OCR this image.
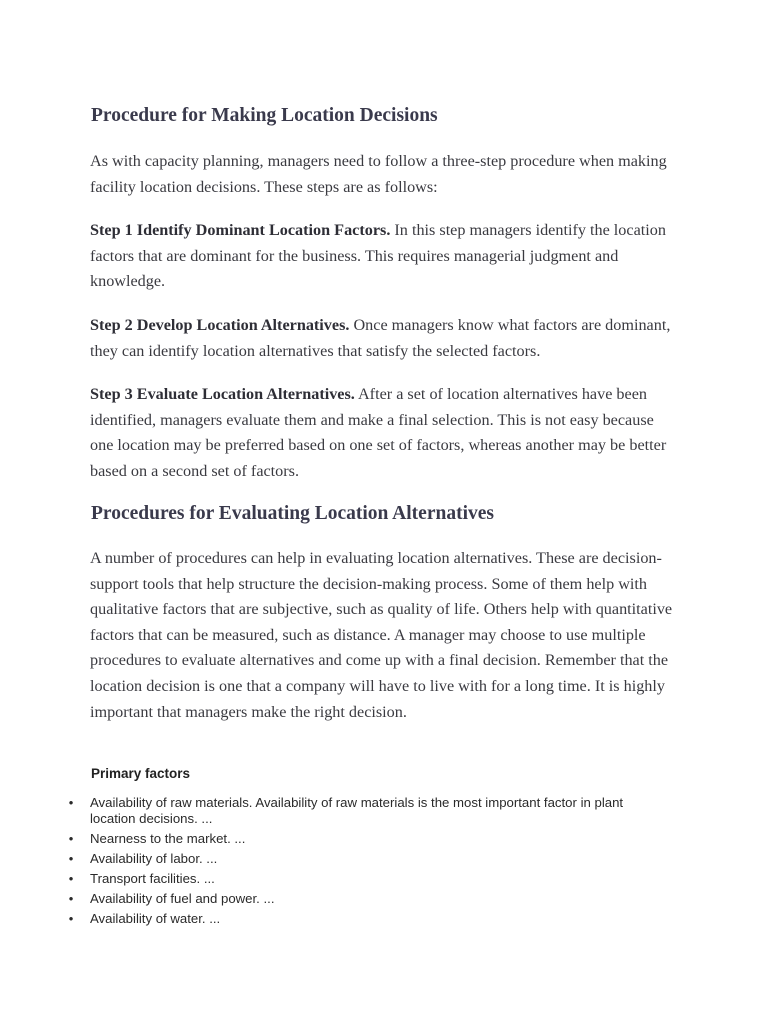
Procedure for Making Location Decisions

As with capacity planning, managers need to follow a three-step procedure when making facility location decisions. These steps are as follows:

Step 1 Identify Dominant Location Factors. In this step managers identify the location factors that are dominant for the business. This requires managerial judgment and knowledge.

Step 2 Develop Location Alternatives. Once managers know what factors are dominant, they can identify location alternatives that satisfy the selected factors.

Step 3 Evaluate Location Alternatives. After a set of location alternatives have been identified, managers evaluate them and make a final selection. This is not easy because one location may be preferred based on one set of factors, whereas another may be better based on a second set of factors.

Procedures for Evaluating Location Alternatives

A number of procedures can help in evaluating location alternatives. These are decision-support tools that help structure the decision-making process. Some of them help with qualitative factors that are subjective, such as quality of life. Others help with quantitative factors that can be measured, such as distance. A manager may choose to use multiple procedures to evaluate alternatives and come up with a final decision. Remember that the location decision is one that a company will have to live with for a long time. It is highly important that managers make the right decision.

Primary factors
• Availability of raw materials. Availability of raw materials is the most important factor in plant location decisions. ...
• Nearness to the market. ...
• Availability of labor. ...
• Transport facilities. ...
• Availability of fuel and power. ...
• Availability of water. ...
